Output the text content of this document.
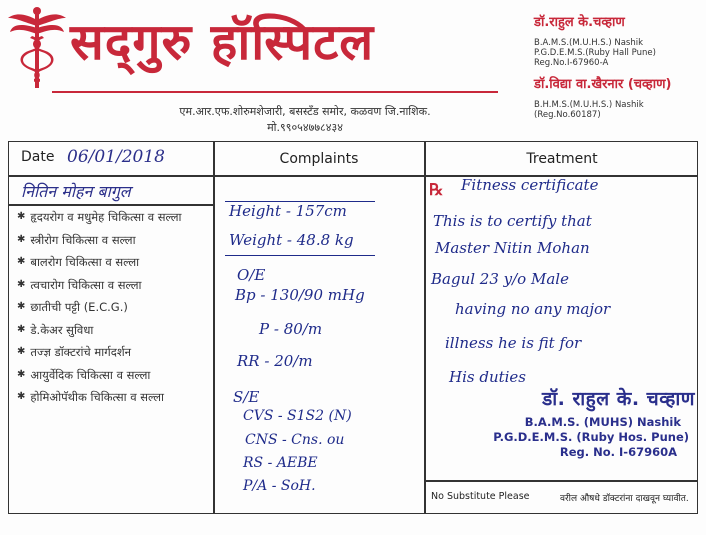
सद्‌गुरु हॉस्पिटल
एम.आर.एफ.शोरुमशेजारी, बसस्टँड समोर, कळवण जि.नाशिक.
मो.९९०५४७७८४३४
डॉ.राहुल के.चव्हाण
B.A.M.S.(M.U.H.S.) Nashik
P.G.D.E.M.S.(Ruby Hall Pune)
Reg.No.I-67960-A
डॉ.विद्या वा.खैरनार (चव्हाण)
B.H.M.S.(M.U.H.S.) Nashik
(Reg.No.60187)
Date 06/01/2018	Complaints	Treatment
नितिन मोहन बागुल
✱ हृदयरोग व मधुमेह चिकित्सा व सल्ला
✱ स्त्रीरोग चिकित्सा व सल्ला
✱ बालरोग चिकित्सा व सल्ला
✱ त्वचारोग चिकित्सा व सल्ला
✱ छातीची पट्टी (E.C.G.)
✱ डे.केअर सुविधा
✱ तज्ज्ञ डॉक्टरांचे मार्गदर्शन
✱ आयुर्वेदिक चिकित्सा व सल्ला
✱ होमिओपॅथीक चिकित्सा व सल्ला
Height - 157cm
Weight - 48.8 kg
O/E
Bp - 130/90 mHg
P - 80/m
RR - 20/m
S/E
CVS - S1S2 (N)
CNS - Cns. ou
RS - AEBE
P/A - SoH.
℞ Fitness certificate
This is to certify that
Master Nitin Mohan
Bagul 23 y/o Male
having no any major
illness he is fit for
His duties
डॉ. राहुल के. चव्हाण
B.A.M.S. (MUHS) Nashik
P.G.D.E.M.S. (Ruby Hos. Pune)
Reg. No. I-67960A
No Substitute Please	वरील औषधे डॉक्टरांना दाखवून घ्यावीत.
